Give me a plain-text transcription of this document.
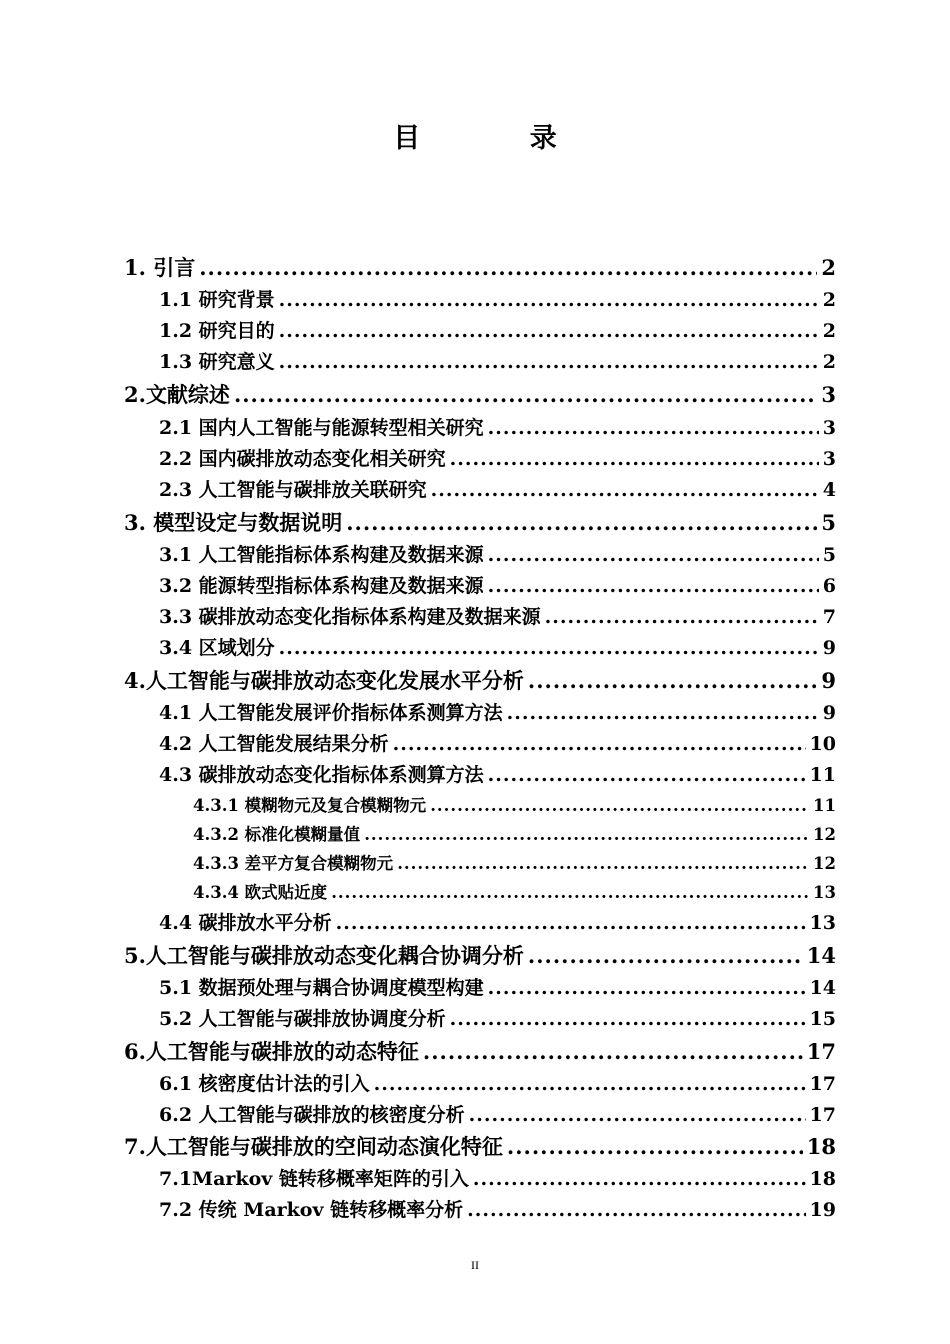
目 录
1. 引言 .....	2
1.1 研究背景 .....	2
1.2 研究目的 .....	2
1.3 研究意义 .....	2
2.文献综述 .....	3
2.1 国内人工智能与能源转型相关研究 .....	3
2.2 国内碳排放动态变化相关研究 .....	3
2.3 人工智能与碳排放关联研究 .....	4
3. 模型设定与数据说明 .....	5
3.1 人工智能指标体系构建及数据来源 .....	5
3.2 能源转型指标体系构建及数据来源 .....	6
3.3 碳排放动态变化指标体系构建及数据来源 .....	7
3.4 区域划分 .....	9
4.人工智能与碳排放动态变化发展水平分析 .....	9
4.1 人工智能发展评价指标体系测算方法 .....	9
4.2 人工智能发展结果分析 .....	10
4.3 碳排放动态变化指标体系测算方法 .....	11
4.3.1 模糊物元及复合模糊物元 .....	11
4.3.2 标准化模糊量值 .....	12
4.3.3 差平方复合模糊物元 .....	12
4.3.4 欧式贴近度 .....	13
4.4 碳排放水平分析 .....	13
5.人工智能与碳排放动态变化耦合协调分析 .....	14
5.1 数据预处理与耦合协调度模型构建 .....	14
5.2 人工智能与碳排放协调度分析 .....	15
6.人工智能与碳排放的动态特征 .....	17
6.1 核密度估计法的引入 .....	17
6.2 人工智能与碳排放的核密度分析 .....	17
7.人工智能与碳排放的空间动态演化特征 .....	18
7.1Markov 链转移概率矩阵的引入 .....	18
7.2 传统 Markov 链转移概率分析 .....	19
II
